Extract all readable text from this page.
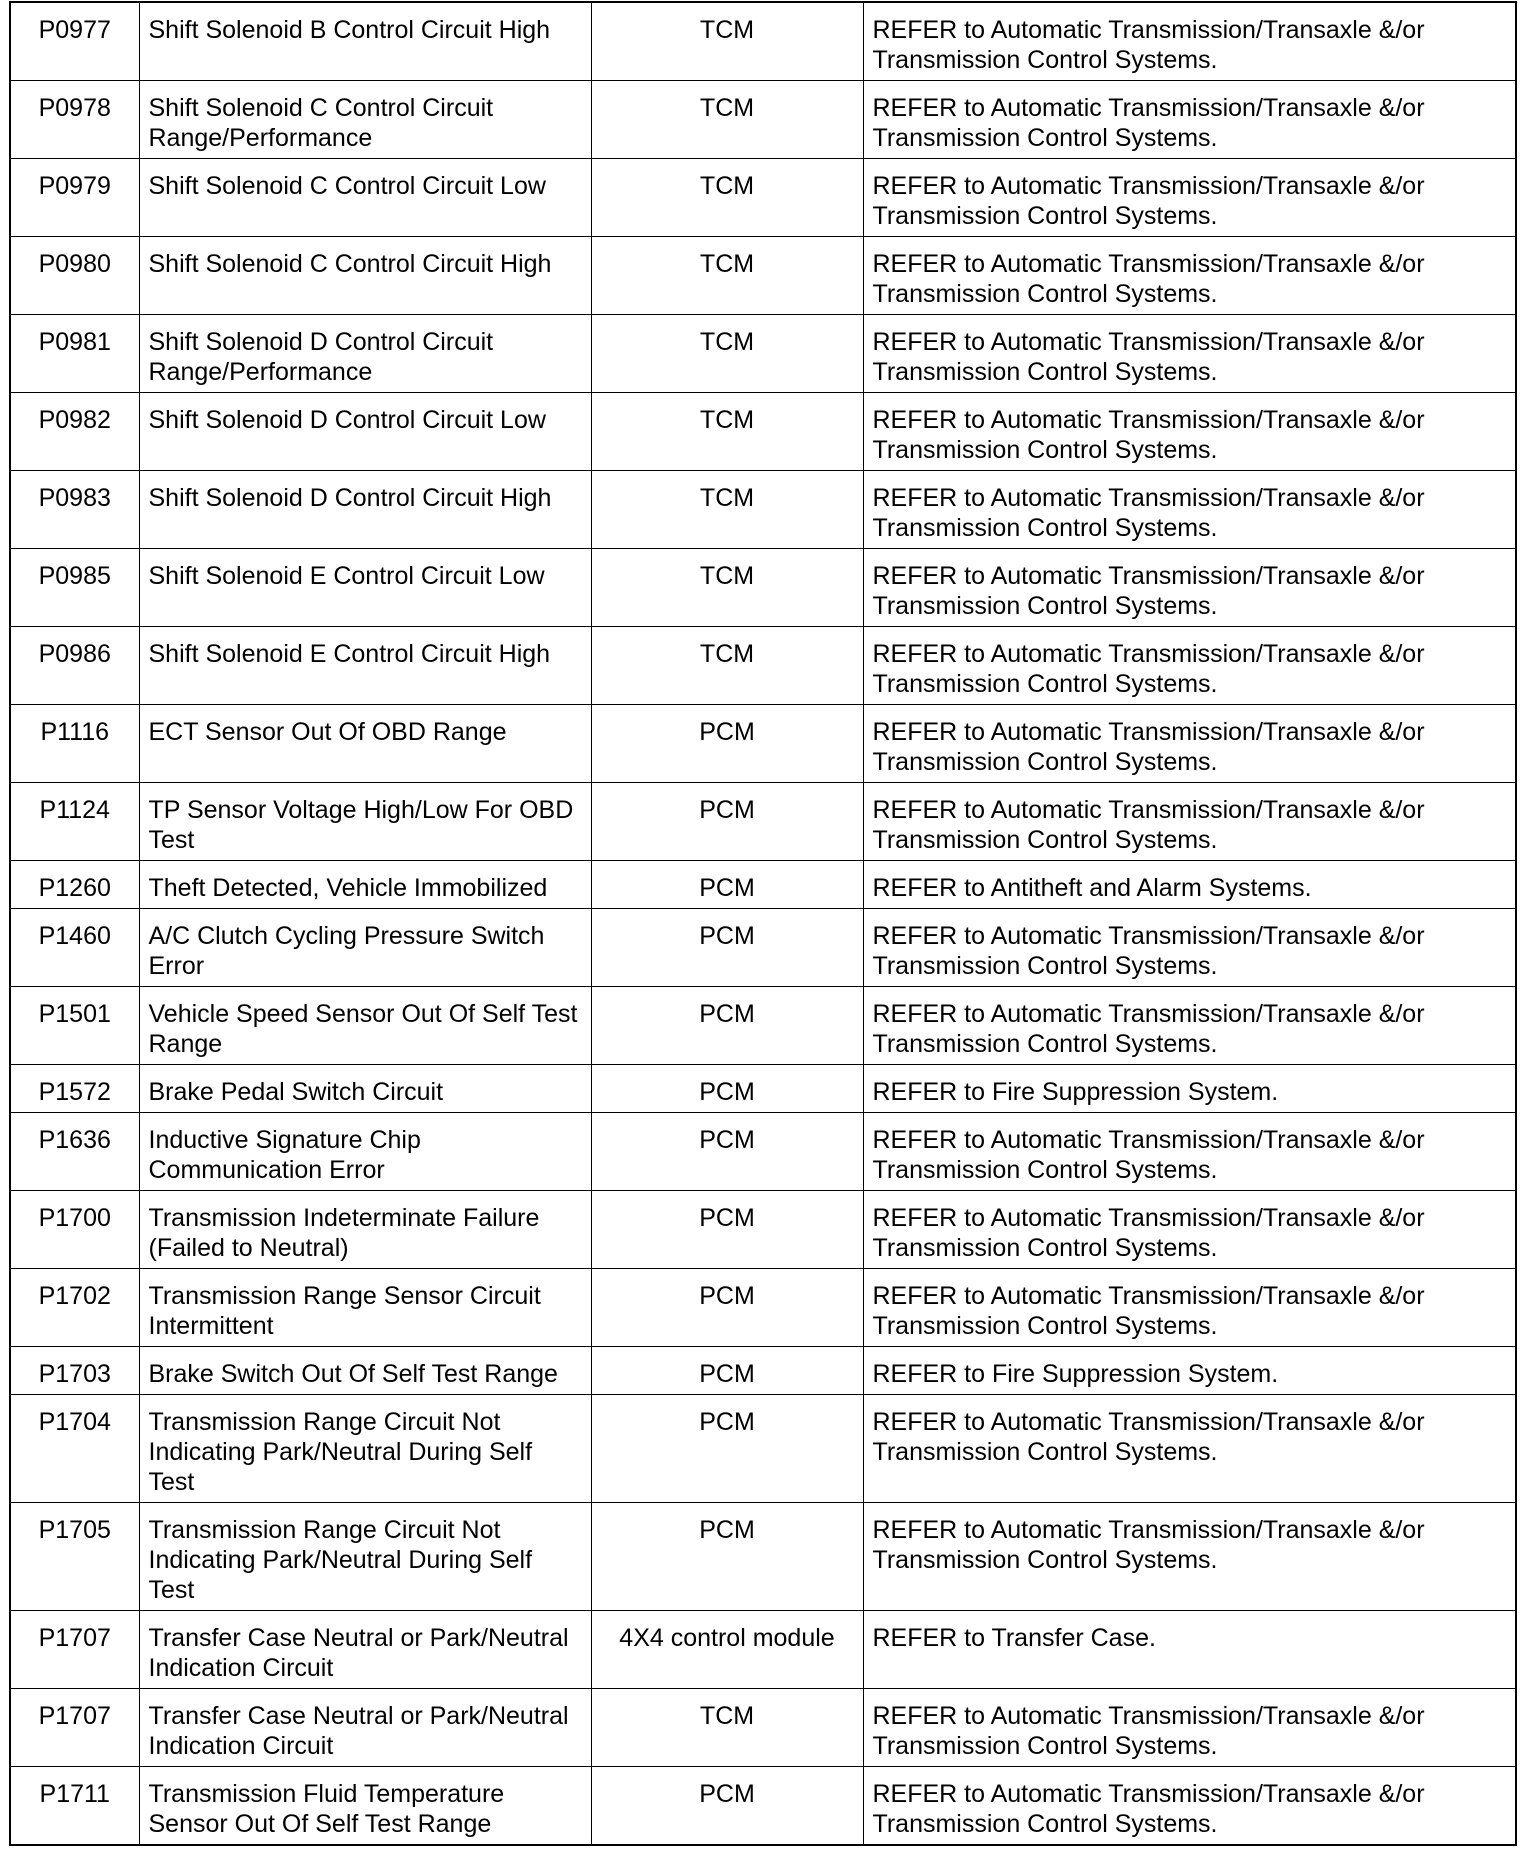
P0977	Shift Solenoid B Control Circuit High	TCM	REFER to Automatic Transmission/Transaxle &/or Transmission Control Systems.
P0978	Shift Solenoid C Control Circuit Range/Performance	TCM	REFER to Automatic Transmission/Transaxle &/or Transmission Control Systems.
P0979	Shift Solenoid C Control Circuit Low	TCM	REFER to Automatic Transmission/Transaxle &/or Transmission Control Systems.
P0980	Shift Solenoid C Control Circuit High	TCM	REFER to Automatic Transmission/Transaxle &/or Transmission Control Systems.
P0981	Shift Solenoid D Control Circuit Range/Performance	TCM	REFER to Automatic Transmission/Transaxle &/or Transmission Control Systems.
P0982	Shift Solenoid D Control Circuit Low	TCM	REFER to Automatic Transmission/Transaxle &/or Transmission Control Systems.
P0983	Shift Solenoid D Control Circuit High	TCM	REFER to Automatic Transmission/Transaxle &/or Transmission Control Systems.
P0985	Shift Solenoid E Control Circuit Low	TCM	REFER to Automatic Transmission/Transaxle &/or Transmission Control Systems.
P0986	Shift Solenoid E Control Circuit High	TCM	REFER to Automatic Transmission/Transaxle &/or Transmission Control Systems.
P1116	ECT Sensor Out Of OBD Range	PCM	REFER to Automatic Transmission/Transaxle &/or Transmission Control Systems.
P1124	TP Sensor Voltage High/Low For OBD Test	PCM	REFER to Automatic Transmission/Transaxle &/or Transmission Control Systems.
P1260	Theft Detected, Vehicle Immobilized	PCM	REFER to Antitheft and Alarm Systems.
P1460	A/C Clutch Cycling Pressure Switch Error	PCM	REFER to Automatic Transmission/Transaxle &/or Transmission Control Systems.
P1501	Vehicle Speed Sensor Out Of Self Test Range	PCM	REFER to Automatic Transmission/Transaxle &/or Transmission Control Systems.
P1572	Brake Pedal Switch Circuit	PCM	REFER to Fire Suppression System.
P1636	Inductive Signature Chip Communication Error	PCM	REFER to Automatic Transmission/Transaxle &/or Transmission Control Systems.
P1700	Transmission Indeterminate Failure (Failed to Neutral)	PCM	REFER to Automatic Transmission/Transaxle &/or Transmission Control Systems.
P1702	Transmission Range Sensor Circuit Intermittent	PCM	REFER to Automatic Transmission/Transaxle &/or Transmission Control Systems.
P1703	Brake Switch Out Of Self Test Range	PCM	REFER to Fire Suppression System.
P1704	Transmission Range Circuit Not Indicating Park/Neutral During Self Test	PCM	REFER to Automatic Transmission/Transaxle &/or Transmission Control Systems.
P1705	Transmission Range Circuit Not Indicating Park/Neutral During Self Test	PCM	REFER to Automatic Transmission/Transaxle &/or Transmission Control Systems.
P1707	Transfer Case Neutral or Park/Neutral Indication Circuit	4X4 control module	REFER to Transfer Case.
P1707	Transfer Case Neutral or Park/Neutral Indication Circuit	TCM	REFER to Automatic Transmission/Transaxle &/or Transmission Control Systems.
P1711	Transmission Fluid Temperature Sensor Out Of Self Test Range	PCM	REFER to Automatic Transmission/Transaxle &/or Transmission Control Systems.
